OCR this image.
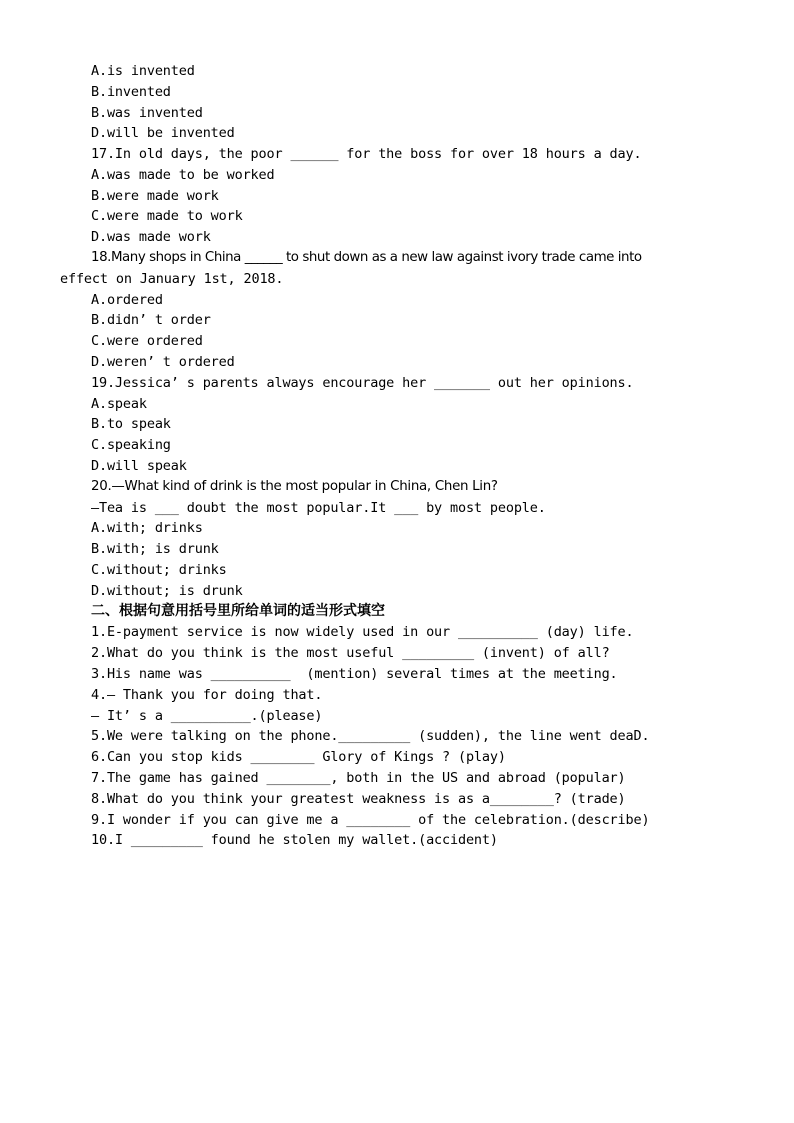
A.is invented
B.invented
B.was invented
D.will be invented
17.In old days, the poor ______ for the boss for over 18 hours a day.
A.was made to be worked
B.were made work
C.were made to work
D.was made work
18.Many shops in China ______ to shut down as a new law against ivory trade came into
effect on January 1st, 2018.
A.ordered
B.didn’ t order
C.were ordered
D.weren’ t ordered
19.Jessica’ s parents always encourage her _______ out her opinions.
A.speak
B.to speak
C.speaking
D.will speak
20.—What kind of drink is the most popular in China, Chen Lin?
—Tea is ___ doubt the most popular.It ___ by most people.
A.with; drinks
B.with; is drunk
C.without; drinks
D.without; is drunk
二、根据句意用括号里所给单词的适当形式填空
1.E-payment service is now widely used in our __________ (day) life.
2.What do you think is the most useful _________ (invent) of all?
3.His name was __________  (mention) several times at the meeting.
4.— Thank you for doing that.
— It’ s a __________.(please)
5.We were talking on the phone._________ (sudden), the line went deaD.
6.Can you stop kids ________ Glory of Kings ? (play)
7.The game has gained ________, both in the US and abroad (popular)
8.What do you think your greatest weakness is as a________? (trade)
9.I wonder if you can give me a ________ of the celebration.(describe)
10.I _________ found he stolen my wallet.(accident)
